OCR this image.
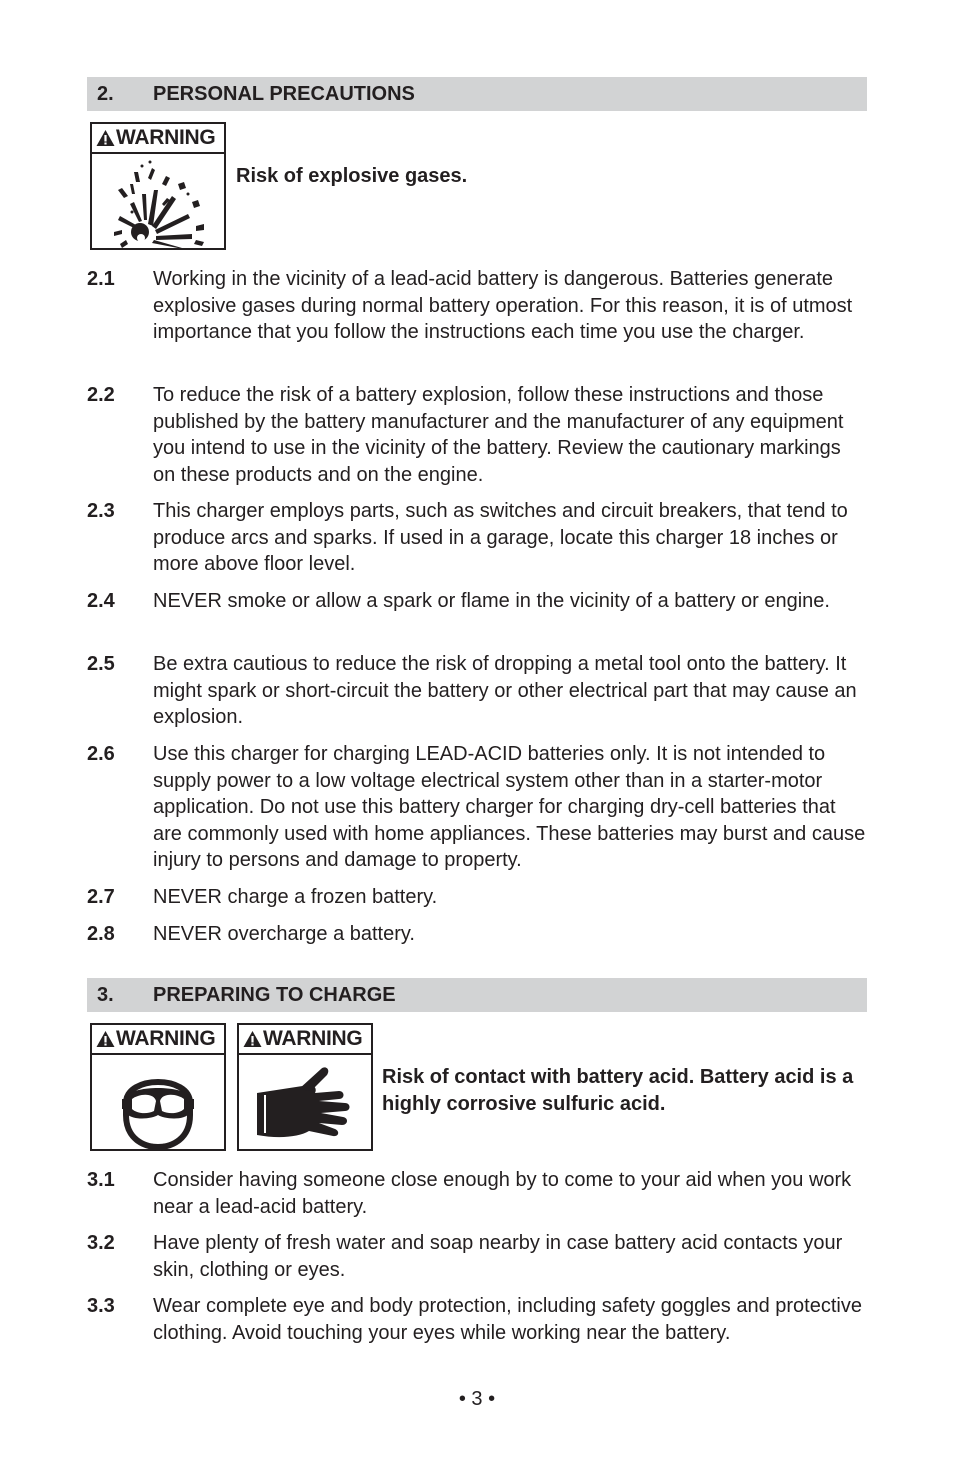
2. PERSONAL PRECAUTIONS
WARNING
Risk of explosive gases.
2.1 Working in the vicinity of a lead-acid battery is dangerous. Batteries generate explosive gases during normal battery operation. For this reason, it is of utmost importance that you follow the instructions each time you use the charger.
2.2 To reduce the risk of a battery explosion, follow these instructions and those published by the battery manufacturer and the manufacturer of any equipment you intend to use in the vicinity of the battery. Review the cautionary markings on these products and on the engine.
2.3 This charger employs parts, such as switches and circuit breakers, that tend to produce arcs and sparks. If used in a garage, locate this charger 18 inches or more above floor level.
2.4 NEVER smoke or allow a spark or flame in the vicinity of a battery or engine.
2.5 Be extra cautious to reduce the risk of dropping a metal tool onto the battery. It might spark or short-circuit the battery or other electrical part that may cause an explosion.
2.6 Use this charger for charging LEAD-ACID batteries only. It is not intended to supply power to a low voltage electrical system other than in a starter-motor application. Do not use this battery charger for charging dry-cell batteries that are commonly used with home appliances. These batteries may burst and cause injury to persons and damage to property.
2.7 NEVER charge a frozen battery.
2.8 NEVER overcharge a battery.
3. PREPARING TO CHARGE
WARNING	WARNING
Risk of contact with battery acid. Battery acid is a highly corrosive sulfuric acid.
3.1 Consider having someone close enough by to come to your aid when you work near a lead-acid battery.
3.2 Have plenty of fresh water and soap nearby in case battery acid contacts your skin, clothing or eyes.
3.3 Wear complete eye and body protection, including safety goggles and protective clothing. Avoid touching your eyes while working near the battery.
• 3 •
